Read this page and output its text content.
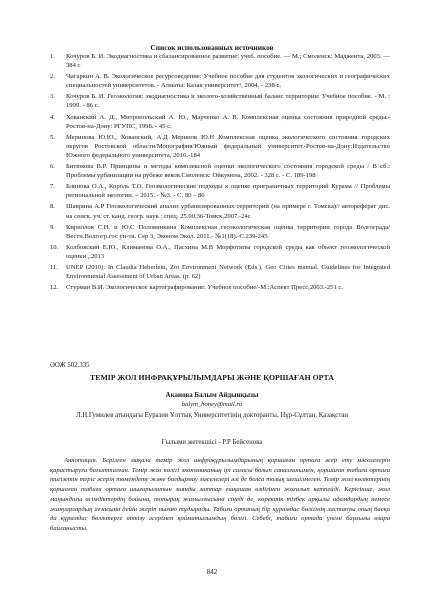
Список использованных источников
1.	Кочуров Б. И. Экодиагностика и сбалансированное развитие: учеб. пособие. — М.; Смоленск: Маджента, 2003. — 384 с
2.	Чигаркин А. В. Экологическое ресурсоведение: Учебное пособие для студентов экологических и географических специальностей университетов. - Алматы: Казак университет!, 2004. - 238 с.
3.	Кочуров Б. И. Геоэкология: экодиагностика и эколого-хозяйственный баланс территории: Учебное пособие. - М. : 1999. - 86 с.
4.	Хованский А. Д., Митропольский А. Ю., Марченко А. В. Комплексная оценка состояния природной среды.- Ростов-на-Дону: РГУПС, 1998. - 45 с.
5.	Меринова Ю.Ю., Хованский, А.Д Меринов Ю.Н Комплексная оценка экологического состояния городских округов Ростовской области/Монография/Южный федеральный университет.-Ростов-на-Дону:Издательство Южного федерального университета, 2016.-184
6.	Битюкова В.Р. Принципы и методы комплексной оценки экологического состояния городской среды / В сб.: Проблемы урбанизации на рубеже веков.Смоленск: Ойкумена, 2002. - 328 с. - С. 189-198
7.	Блинова О.А., Король Т.О. Геоэкологические подходы к оценке приграничных территорий Курама // Проблемы региональной экологии. – 2015. - №3. - С. 80 – 86
8.	Шаврина А.Р Геоэкологический анализ урбанизированных территорий (на примере г. Томска)// автореферат дис. на соиск. уч. ст. канд. геогр. наук : спец. 25.00.36-Томск,2007.-24с
9.	Кириллов С.Н. и Ю.С Половинкина Комплексная геоэкологическая оценка территории города Волгограда/Вестн.Волгогр.гос ун-та. Сер 3, Эконом.Экол. 2011.- №1(18).-С.239-245
10.	Колбовский Е.Ю., Климанова О.А., Пасхина М.В Морфотипы городской среды как объект геоэкологической оценки ,.2013
11.	UNEP (2010). In Claudia Heberlein, Zoi Environment Network (Eds.), Geo Cities manual. Guidelines for Integrated Environmental Assessment of Urban Areas. (p. 62)
12.	Стурман В.И. Экологическое картографирование: Учебное пособие/-М.:Аспект Пресс,2003.-251 с.
ӘОЖ 502.335
ТЕМІР ЖОЛ ИНФРАҚҰРЫЛЫМДАРЫ ЖӘНЕ ҚОРШАҒАН ОРТА
Аканова Балым Айдынқызы
balym_honey@mail.ru
Л.Н.Гумилев атындағы Еуразия Ұлттық Университетінің докторанты, Нұр-Сұлтан, Қазақстан
Ғылыми жетекшісі - Р.Р Бейсенова
Аннотация. Берілген мақала темір жол инфрақұрылымдарының қоршаған ортаға әсер ету мәселелерін қарастыруға бағытталған. Темір жол көлігі экономиканың ірі саласы болып саналғанымен, қоршаған табиғи ортаға тигізетін теріс әсерін төмендету және болдырмау мәселелері әлі де болса толық шешілмеген. Темір жол көліктерінің қоршаған табиғи ортаға шығарылатын зиянды заттар ешқашан өздігінен жоғалып кетпейді. Керісінше, жол маңындағы өсімдіктердің бойына, топырақ жамылғысына сіңеді де, көректік тізбек арқылы адамдардың немесе жануарлардың ағзасына дейін жеріп нығаю тұдырады. Табиғи ортаның бір құрамдас бөлігінің ластануы оның басқа да құрамдас бөліктерге өткізу әсерімен қойматылымдың бөлігі. Себебі, табиғи ортада үнемі барлығы өзара байланысты.
842
